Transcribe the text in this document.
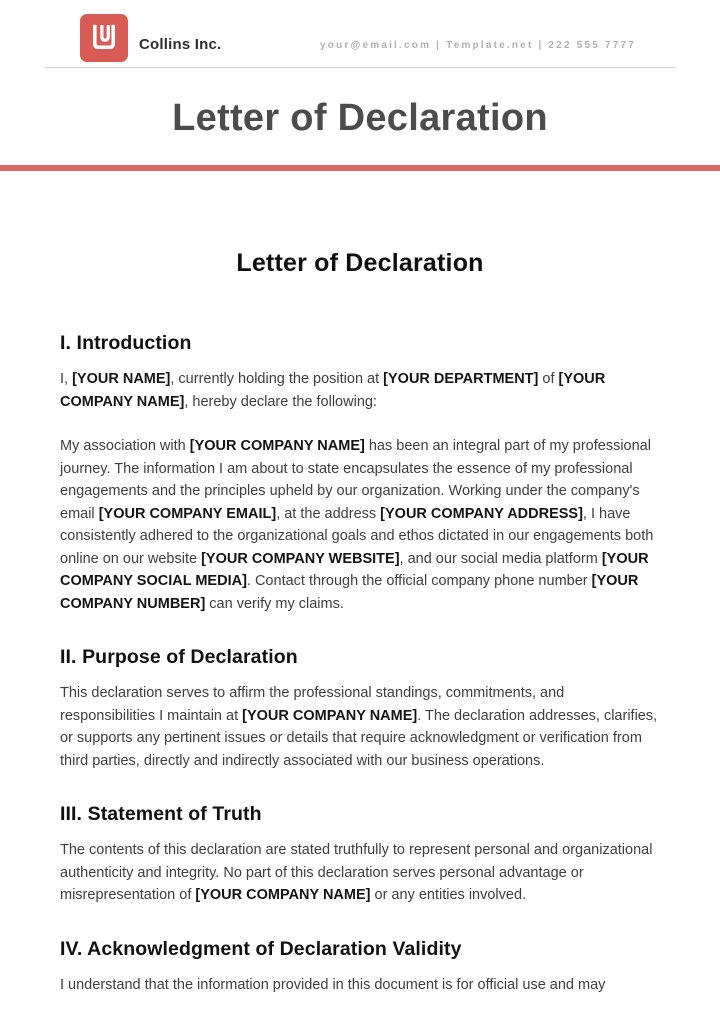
Collins Inc.	your@email.com | Template.net | 222 555 7777
Letter of Declaration
Letter of Declaration
I. Introduction

I, [YOUR NAME], currently holding the position at [YOUR DEPARTMENT] of [YOUR COMPANY NAME], hereby declare the following:

My association with [YOUR COMPANY NAME] has been an integral part of my professional journey. The information I am about to state encapsulates the essence of my professional engagements and the principles upheld by our organization. Working under the company's email [YOUR COMPANY EMAIL], at the address [YOUR COMPANY ADDRESS], I have consistently adhered to the organizational goals and ethos dictated in our engagements both online on our website [YOUR COMPANY WEBSITE], and our social media platform [YOUR COMPANY SOCIAL MEDIA]. Contact through the official company phone number [YOUR COMPANY NUMBER] can verify my claims.

II. Purpose of Declaration

This declaration serves to affirm the professional standings, commitments, and responsibilities I maintain at [YOUR COMPANY NAME]. The declaration addresses, clarifies, or supports any pertinent issues or details that require acknowledgment or verification from third parties, directly and indirectly associated with our business operations.

III. Statement of Truth

The contents of this declaration are stated truthfully to represent personal and organizational authenticity and integrity. No part of this declaration serves personal advantage or misrepresentation of [YOUR COMPANY NAME] or any entities involved.

IV. Acknowledgment of Declaration Validity

I understand that the information provided in this document is for official use and may
